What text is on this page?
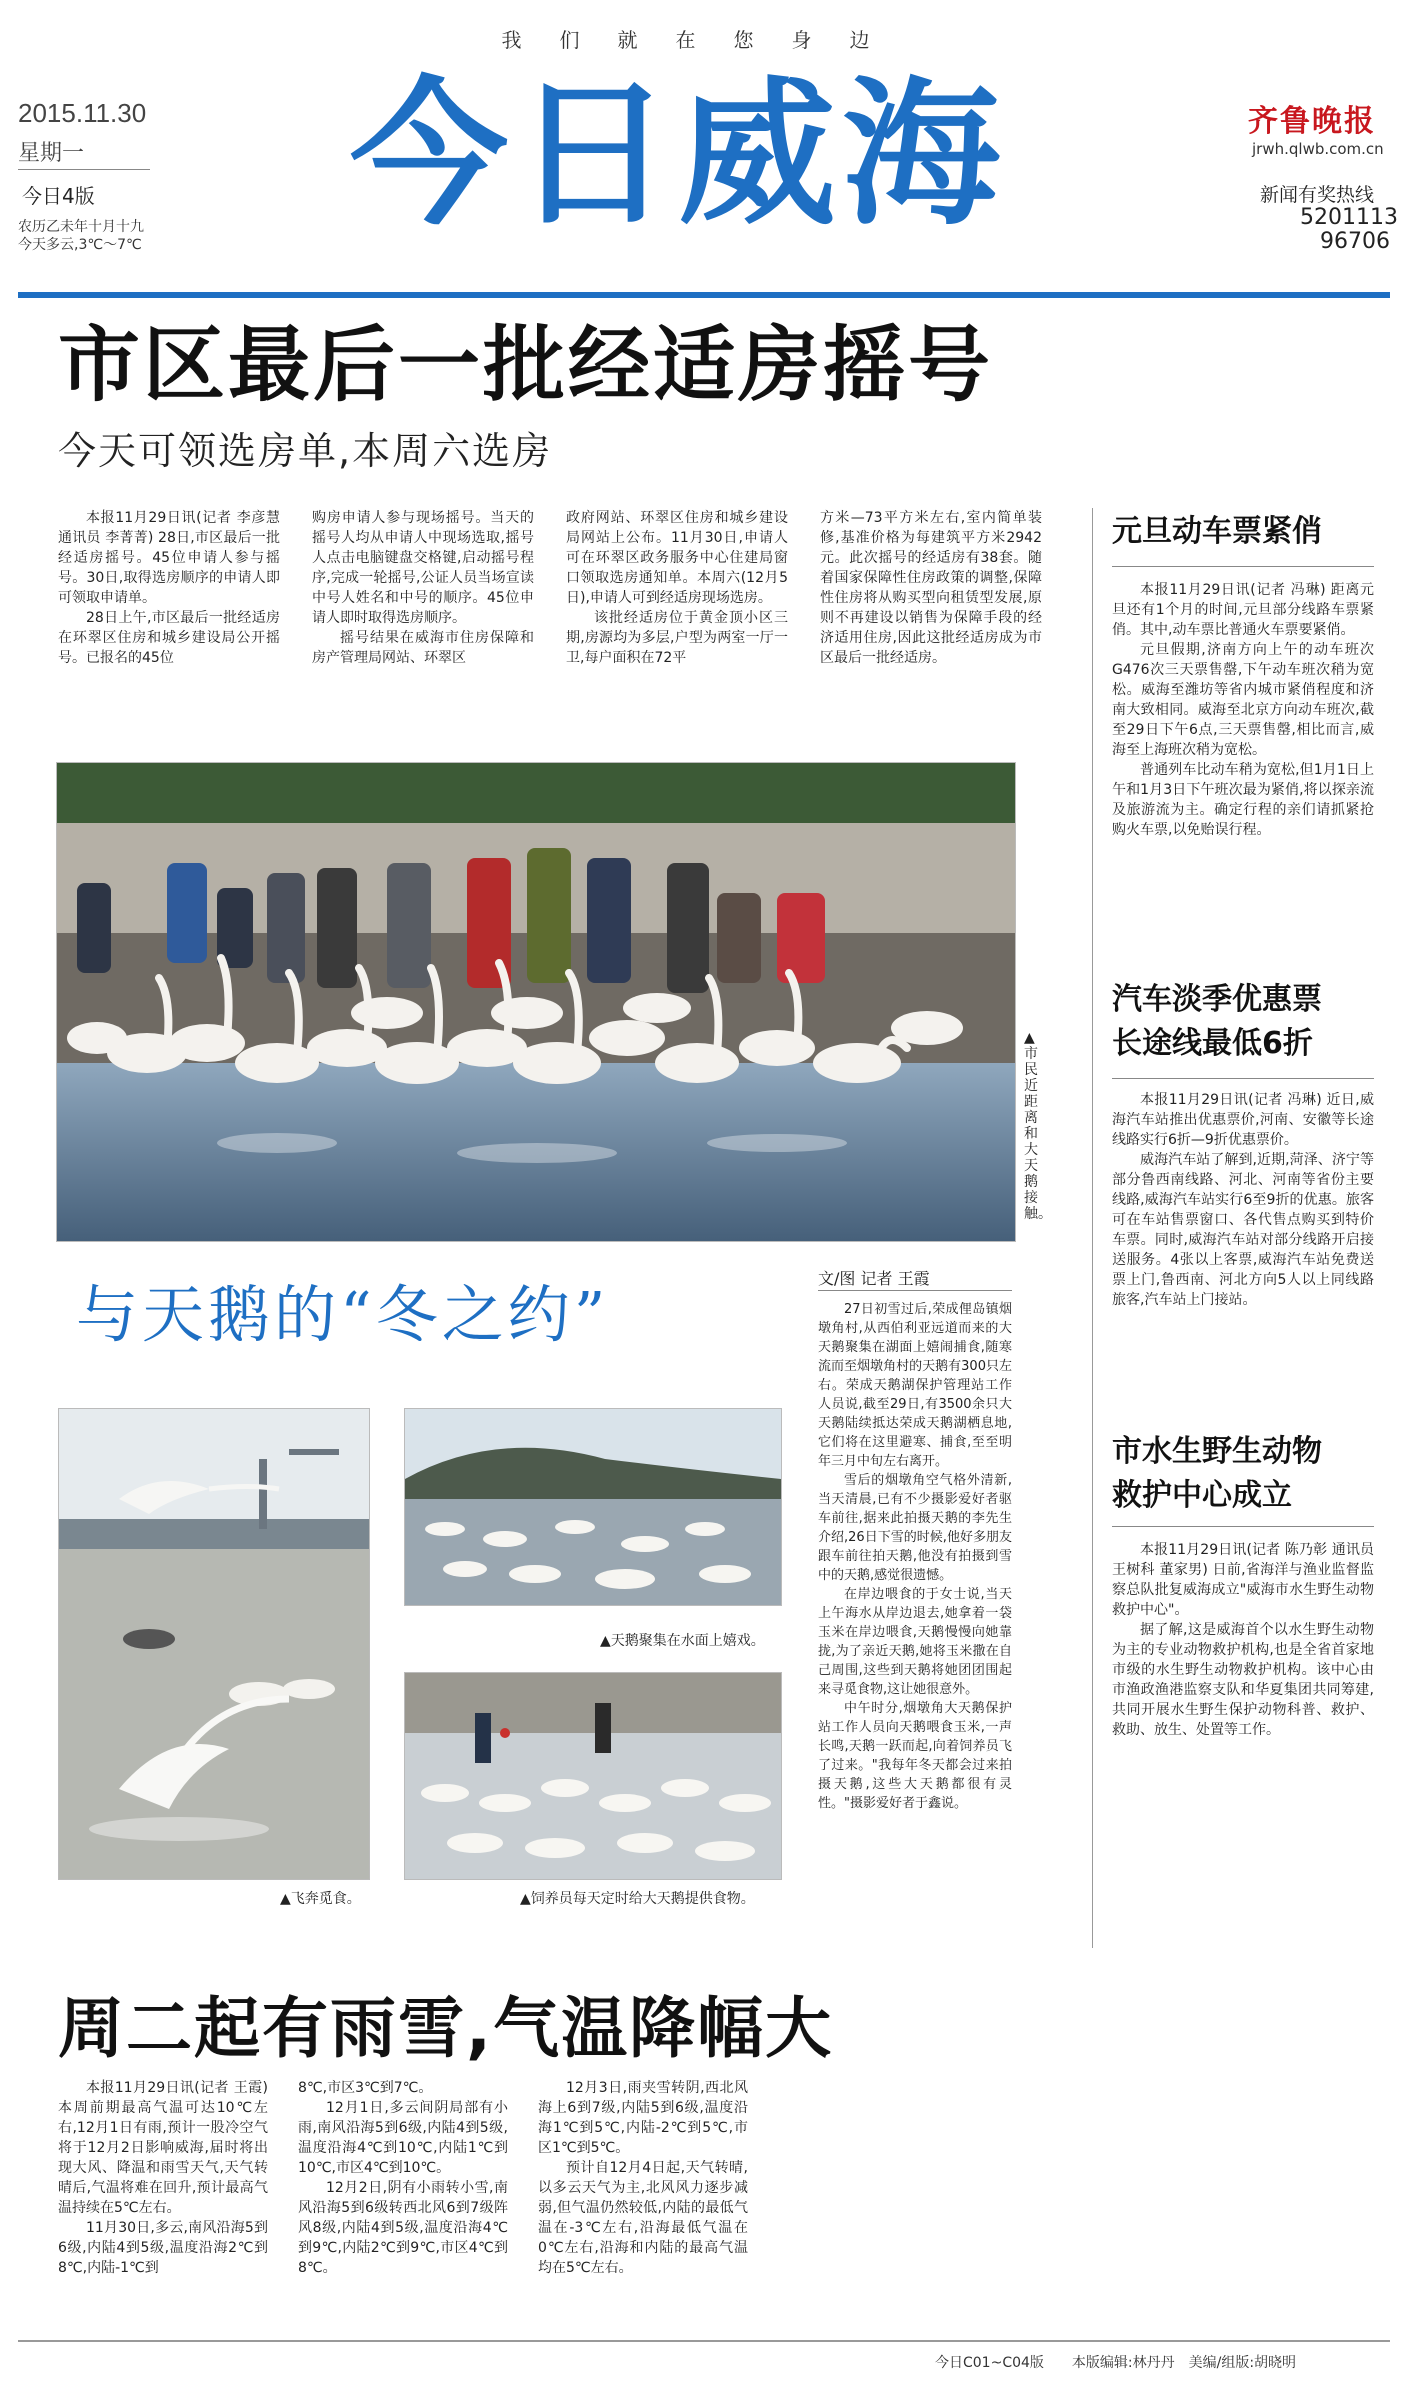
我们就在您身边
2015.11.30
星期一
今日4版
农历乙未年十月十九
今天多云,3℃～7℃ 今日威海	齐鲁晚报
jrwh.qlwb.com.cn
新闻有奖热线
5201113
96706
市区最后一批经适房摇号
今天可领选房单,本周六选房

本报11月29日讯(记者 李彦慧 通讯员 李菁菁) 28日,市区最后一批经适房摇号。45位申请人参与摇号。30日,取得选房顺序的申请人即可领取申请单。

28日上午,市区最后一批经适房在环翠区住房和城乡建设局公开摇号。已报名的45位

购房申请人参与现场摇号。当天的摇号人均从申请人中现场选取,摇号人点击电脑键盘交格键,启动摇号程序,完成一轮摇号,公证人员当场宣读中号人姓名和中号的顺序。45位申请人即时取得选房顺序。

摇号结果在威海市住房保障和房产管理局网站、环翠区

政府网站、环翠区住房和城乡建设局网站上公布。11月30日,申请人可在环翠区政务服务中心住建局窗口领取选房通知单。本周六(12月5日),申请人可到经适房现场选房。

该批经适房位于黄金顶小区三期,房源均为多层,户型为两室一厅一卫,每户面积在72平

方米—73平方米左右,室内简单装修,基准价格为每建筑平方米2942元。此次摇号的经适房有38套。随着国家保障性住房政策的调整,保障性住房将从购买型向租赁型发展,原则不再建设以销售为保障手段的经济适用住房,因此这批经适房成为市区最后一批经适房。

▲市民近距离和大天鹅接触。
元旦动车票紧俏

本报11月29日讯(记者 冯琳) 距离元旦还有1个月的时间,元旦部分线路车票紧俏。其中,动车票比普通火车票要紧俏。

元旦假期,济南方向上午的动车班次G476次三天票售罄,下午动车班次稍为宽松。威海至潍坊等省内城市紧俏程度和济南大致相同。威海至北京方向动车班次,截至29日下午6点,三天票售罄,相比而言,威海至上海班次稍为宽松。

普通列车比动车稍为宽松,但1月1日上午和1月3日下午班次最为紧俏,将以探亲流及旅游流为主。确定行程的亲们请抓紧抢购火车票,以免贻误行程。

汽车淡季优惠票
长途线最低6折

本报11月29日讯(记者 冯琳) 近日,威海汽车站推出优惠票价,河南、安徽等长途线路实行6折—9折优惠票价。

威海汽车站了解到,近期,菏泽、济宁等部分鲁西南线路、河北、河南等省份主要线路,威海汽车站实行6至9折的优惠。旅客可在车站售票窗口、各代售点购买到特价车票。同时,威海汽车站对部分线路开启接送服务。4张以上客票,威海汽车站免费送票上门,鲁西南、河北方向5人以上同线路旅客,汽车站上门接站。

市水生野生动物
救护中心成立

本报11月29日讯(记者 陈乃彰 通讯员 王树科 董家男) 日前,省海洋与渔业监督监察总队批复威海成立"威海市水生野生动物救护中心"。

据了解,这是威海首个以水生野生动物为主的专业动物救护机构,也是全省首家地市级的水生野生动物救护机构。该中心由市渔政渔港监察支队和华夏集团共同筹建,共同开展水生野生保护动物科普、救护、救助、放生、处置等工作。

与天鹅的“冬之约”	文/图 记者 王霞

27日初雪过后,荣成俚岛镇烟墩角村,从西伯利亚远道而来的大天鹅聚集在湖面上嬉闹捕食,随寒流而至烟墩角村的天鹅有300只左右。荣成天鹅湖保护管理站工作人员说,截至29日,有3500余只大天鹅陆续抵达荣成天鹅湖栖息地,它们将在这里避寒、捕食,至至明年三月中旬左右离开。

雪后的烟墩角空气格外清新,当天清晨,已有不少摄影爱好者驱车前往,据来此拍摄天鹅的李先生介绍,26日下雪的时候,他好多朋友跟车前往拍天鹅,他没有拍摄到雪中的天鹅,感觉很遗憾。

在岸边喂食的于女士说,当天上午海水从岸边退去,她拿着一袋玉米在岸边喂食,天鹅慢慢向她靠拢,为了亲近天鹅,她将玉米撒在自己周围,这些到天鹅将她团团围起来寻觅食物,这让她很意外。

中午时分,烟墩角大天鹅保护站工作人员向天鹅喂食玉米,一声长鸣,天鹅一跃而起,向着饲养员飞了过来。"我每年冬天都会过来拍摄天鹅,这些大天鹅都很有灵性。"摄影爱好者于鑫说。

▲飞奔觅食。
▲天鹅聚集在水面上嬉戏。
▲饲养员每天定时给大天鹅提供食物。
周二起有雨雪,气温降幅大

本报11月29日讯(记者 王霞) 本周前期最高气温可达10℃左右,12月1日有雨,预计一股冷空气将于12月2日影响威海,届时将出现大风、降温和雨雪天气,天气转晴后,气温将难在回升,预计最高气温持续在5℃左右。

11月30日,多云,南风沿海5到6级,内陆4到5级,温度沿海2℃到8℃,内陆-1℃到

8℃,市区3℃到7℃。

12月1日,多云间阴局部有小雨,南风沿海5到6级,内陆4到5级,温度沿海4℃到10℃,内陆1℃到10℃,市区4℃到10℃。

12月2日,阴有小雨转小雪,南风沿海5到6级转西北风6到7级阵风8级,内陆4到5级,温度沿海4℃到9℃,内陆2℃到9℃,市区4℃到8℃。

12月3日,雨夹雪转阴,西北风海上6到7级,内陆5到6级,温度沿海1℃到5℃,内陆-2℃到5℃,市区1℃到5℃。

预计自12月4日起,天气转晴,以多云天气为主,北风风力逐步减弱,但气温仍然较低,内陆的最低气温在-3℃左右,沿海最低气温在0℃左右,沿海和内陆的最高气温均在5℃左右。

今日C01~C04版　　本版编辑:林丹丹　美编/组版:胡晓明
